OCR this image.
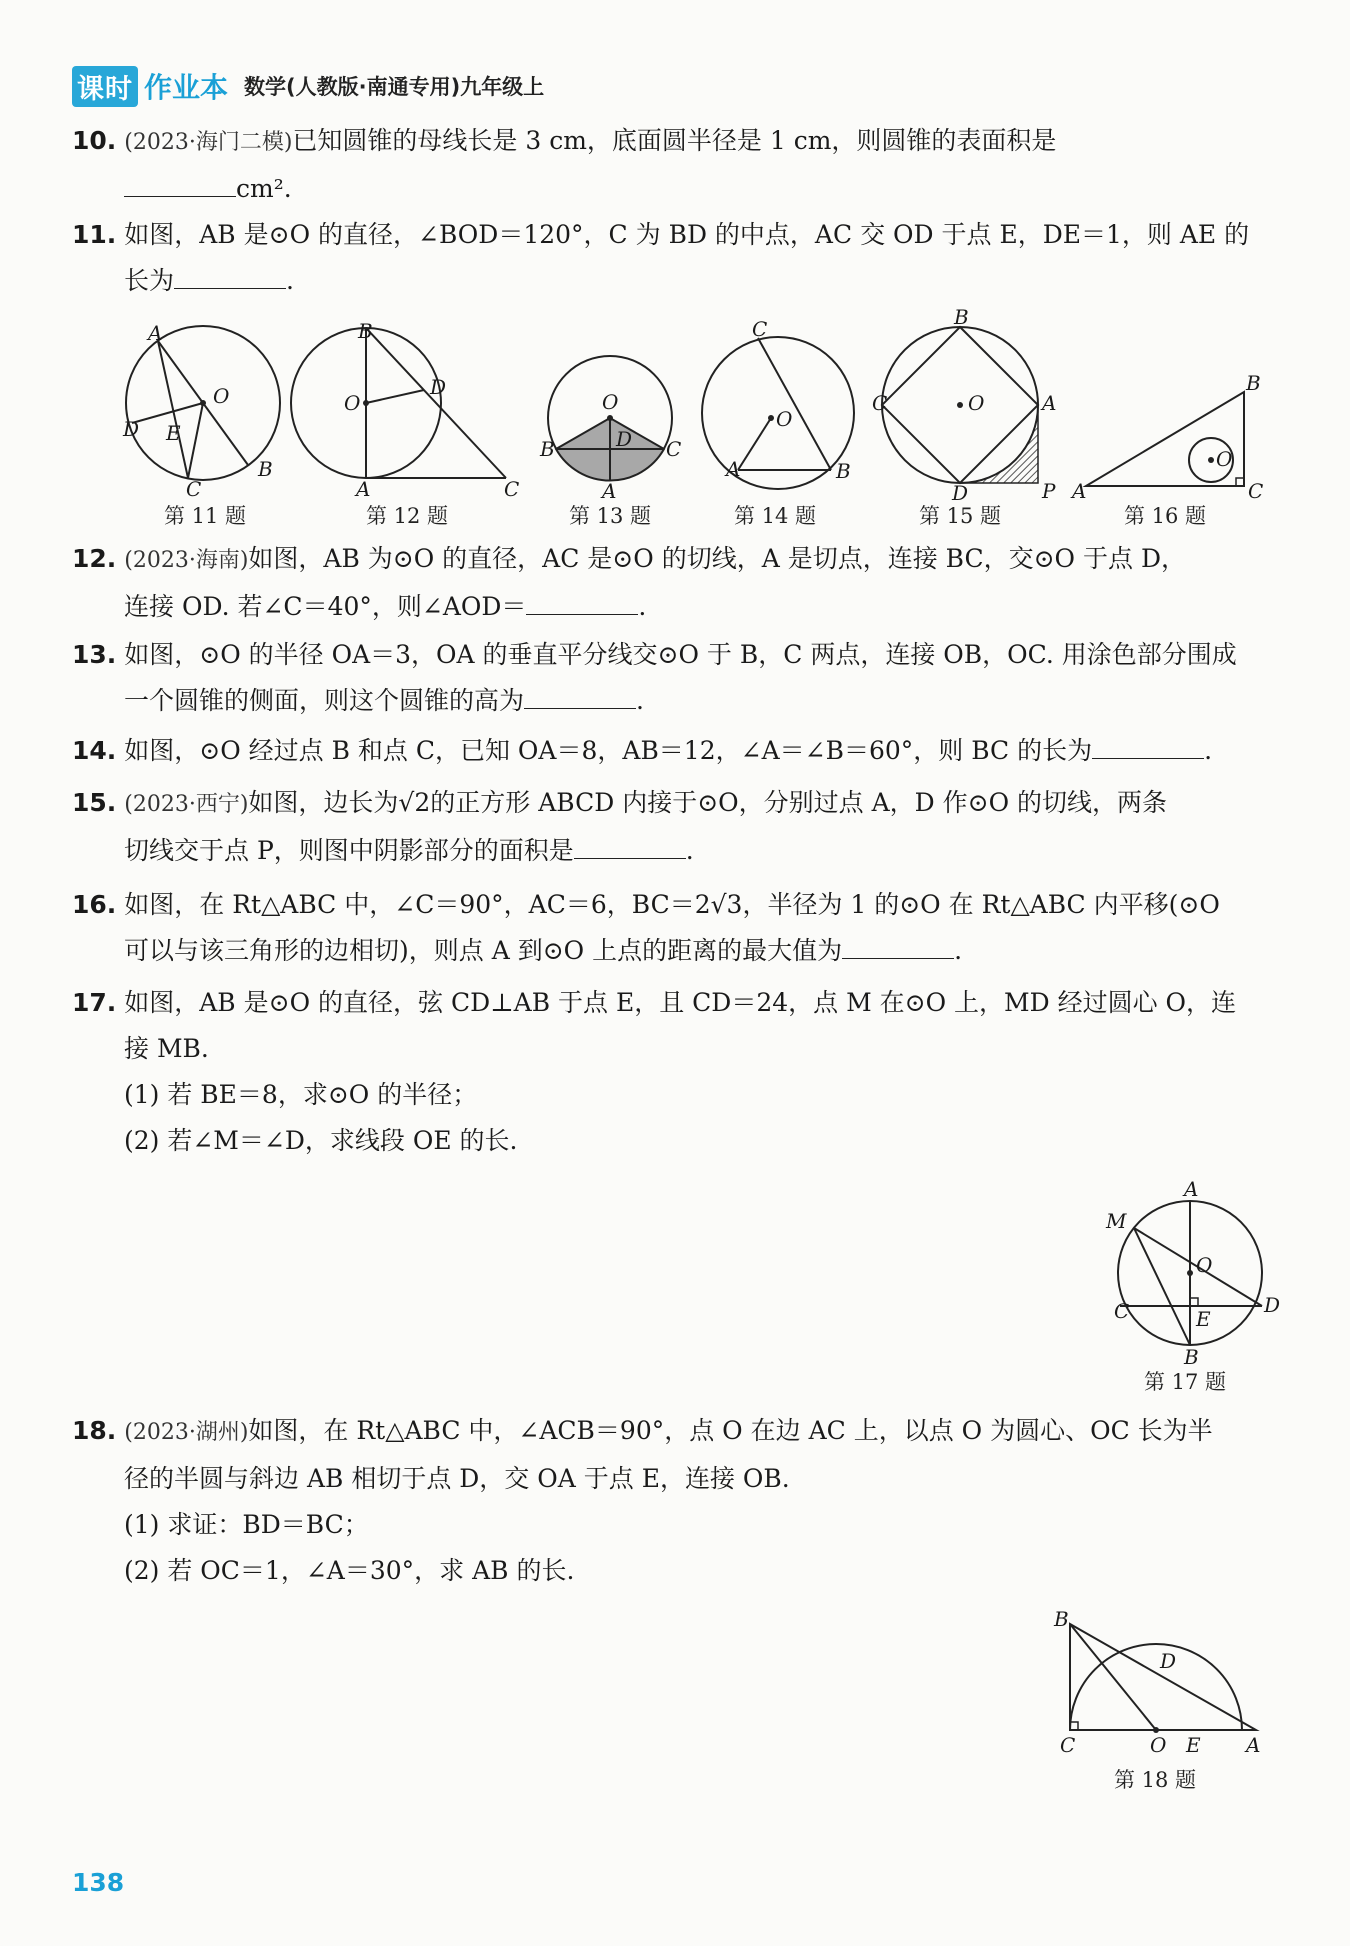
课时 作业本 数学(人教版·南通专用)九年级上
10. (2023·海门二模)已知圆锥的母线长是 3 cm，底面圆半径是 1 cm，则圆锥的表面积是
cm².
11. 如图，AB 是⊙O 的直径，∠BOD＝120°，C 为 BD 的中点，AC 交 OD 于点 E，DE＝1，则 AE 的
长为	.
A
O
D E
C
B
第 11 题
B
O
D
A	C
第 12 题
O
D
B	C
A
第 13 题
C
O
A	B
第 14 题
B
C	O	A
D	P
第 15 题
A
B
C
O
第 16 题
12. (2023·海南)如图，AB 为⊙O 的直径，AC 是⊙O 的切线，A 是切点，连接 BC，交⊙O 于点 D，
连接 OD. 若∠C＝40°，则∠AOD＝	.
13. 如图，⊙O 的半径 OA＝3，OA 的垂直平分线交⊙O 于 B，C 两点，连接 OB，OC. 用涂色部分围成
一个圆锥的侧面，则这个圆锥的高为	.
14. 如图，⊙O 经过点 B 和点 C，已知 OA＝8，AB＝12，∠A＝∠B＝60°，则 BC 的长为	.
15. (2023·西宁)如图，边长为√2的正方形 ABCD 内接于⊙O，分别过点 A，D 作⊙O 的切线，两条
切线交于点 P，则图中阴影部分的面积是	.
16. 如图，在 Rt△ABC 中，∠C＝90°，AC＝6，BC＝2√3，半径为 1 的⊙O 在 Rt△ABC 内平移(⊙O
可以与该三角形的边相切)，则点 A 到⊙O 上点的距离的最大值为	.
17. 如图，AB 是⊙O 的直径，弦 CD⊥AB 于点 E，且 CD＝24，点 M 在⊙O 上，MD 经过圆心 O，连
接 MB.
(1) 若 BE＝8，求⊙O 的半径；
(2) 若∠M＝∠D，求线段 OE 的长.
A
M
O
C	E
D
B
第 17 题
18. (2023·湖州)如图，在 Rt△ABC 中，∠ACB＝90°，点 O 在边 AC 上，以点 O 为圆心、OC 长为半
径的半圆与斜边 AB 相切于点 D，交 OA 于点 E，连接 OB.
(1) 求证：BD＝BC；
(2) 若 OC＝1，∠A＝30°，求 AB 的长.
B
D
C	O E A
第 18 题
138
